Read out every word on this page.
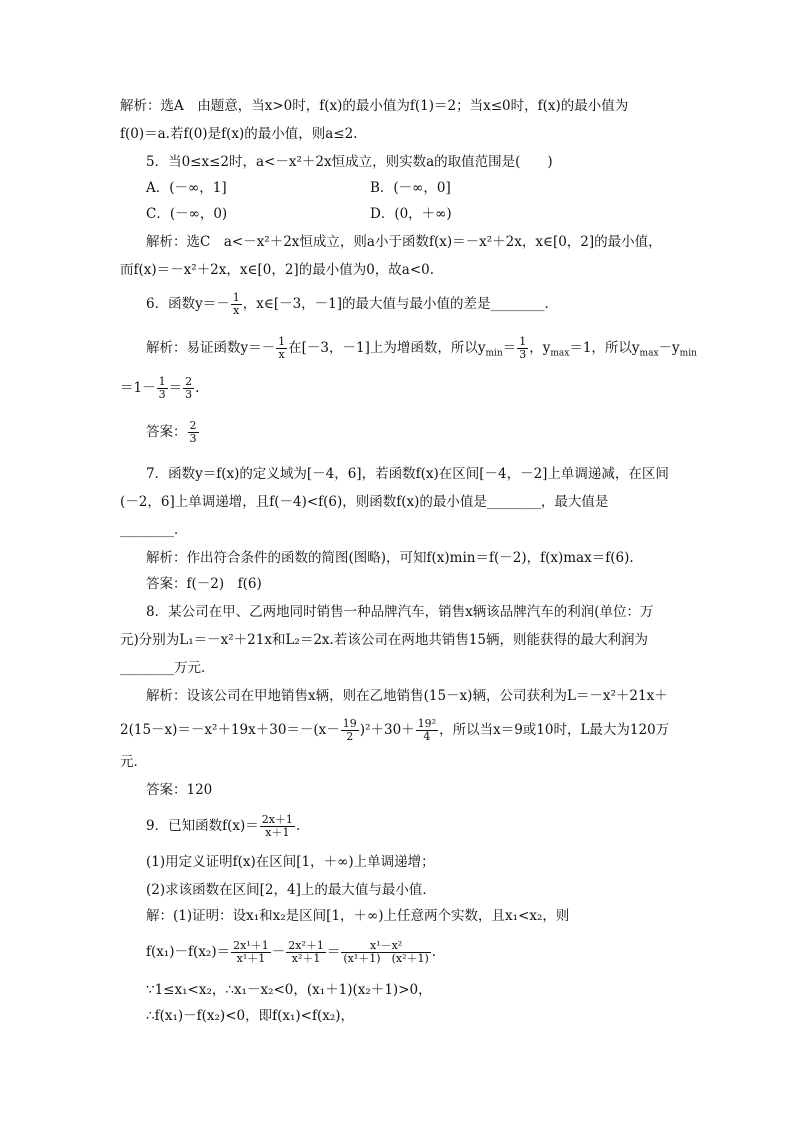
解析：选A　由题意，当x>0时，f(x)的最小值为f(1)＝2；当x≤0时，f(x)的最小值为
f(0)＝a.若f(0)是f(x)的最小值，则a≤2.
5．当0≤x≤2时，a<－x²＋2x恒成立，则实数a的取值范围是(　　)
A．(－∞，1]	B．(－∞，0]
C．(－∞，0)	D．(0，＋∞)
解析：选C　a<－x²＋2x恒成立，则a小于函数f(x)＝－x²＋2x，x∈[0，2]的最小值，
而f(x)＝－x²＋2x，x∈[0，2]的最小值为0，故a<0.
6．函数$y=- \frac{1}{x}$ ，x∈[－3，－1]的最大值与最小值的差是________．
解析：易证函数$y=- \frac{1}{x}$ 在[－3，－1]上为增函数，所以$y_{min}= \frac{1}{3}$ ，$y_{max}=1$，所以$y_{max}-y_{min}$
$=1- \frac{1}{3} = \frac{2}{3}$ .
答案： $\frac{2}{3}$
7．函数y＝f(x)的定义域为[－4，6]，若函数f(x)在区间[－4，－2]上单调递减，在区间
(－2，6]上单调递增，且f(－4)<f(6)，则函数f(x)的最小值是________，最大值是
________．
解析：作出符合条件的函数的简图(图略)，可知f(x)min＝f(－2)，f(x)max＝f(6).
答案：f(－2)　f(6)
8．某公司在甲、乙两地同时销售一种品牌汽车，销售x辆该品牌汽车的利润(单位：万
元)分别为L₁＝－x²＋21x和L₂＝2x.若该公司在两地共销售15辆，则能获得的最大利润为
________万元．
解析：设该公司在甲地销售x辆，则在乙地销售(15－x)辆，公司获利为L＝－x²＋21x＋
$2(15-x)=-x^2+19x+30=-(x- \frac{19}{2} )^2+30+ \frac{\text{19²}}{4}$ ，所以当x＝9或10时，L最大为120万
元．
答案：120
9．已知函数$f(x)= \frac{2x+1}{x+1}$ .
(1)用定义证明f(x)在区间[1，＋∞)上单调递增；
(2)求该函数在区间[2，4]上的最大值与最小值．
解：(1)证明：设x₁和x₂是区间[1，＋∞)上任意两个实数，且x₁<x₂，则
$f(x_1)-f(x_2)= \frac{\text{2x¹＋1}}{\text{x¹＋1}} - \frac{\text{2x²＋1}}{\text{x²＋1}} = \frac{\text{x¹－x²}}{\text{(x¹＋1)　(x²＋1)}}$ .
∵1≤x₁<x₂，∴x₁－x₂<0，(x₁＋1)(x₂＋1)>0，
∴f(x₁)－f(x₂)<0，即f(x₁)<f(x₂)，
